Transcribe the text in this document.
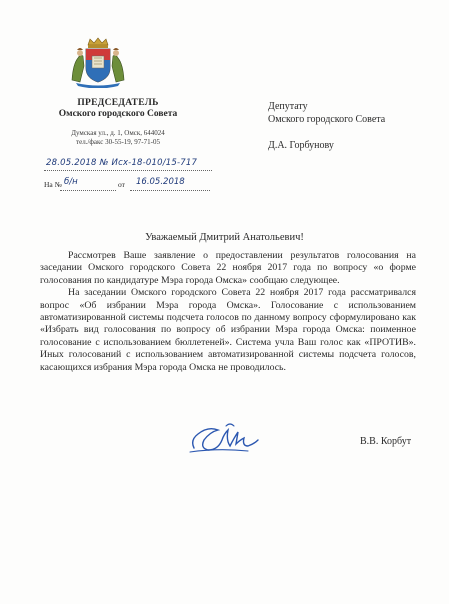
ПРЕДСЕДАТЕЛЬ
Омского городского Совета
Думская ул., д. 1, Омск, 644024
тел./факс 30-55-19, 97-71-05
28.05.2018 № Исх-18-010/15-717
На № б/н	от 16.05.2018
Депутату
Омского городского Совета
Д.А. Горбунову
Уважаемый Дмитрий Анатольевич!

Рассмотрев Ваше заявление о предоставлении результатов голосования на заседании Омского городского Совета 22 ноября 2017 года по вопросу «о форме голосования по кандидатуре Мэра города Омска» сообщаю следующее.

На заседании Омского городского Совета 22 ноября 2017 года рассматривался вопрос «Об избрании Мэра города Омска». Голосование с использованием автоматизированной системы подсчета голосов по данному вопросу сформулировано как «Избрать вид голосования по вопросу об избрании Мэра города Омска: поименное голосование с использованием бюллетеней». Система учла Ваш голос как «ПРОТИВ». Иных голосований с использованием автоматизированной системы подсчета голосов, касающихся избрания Мэра города Омска не проводилось.

В.В. Корбут
